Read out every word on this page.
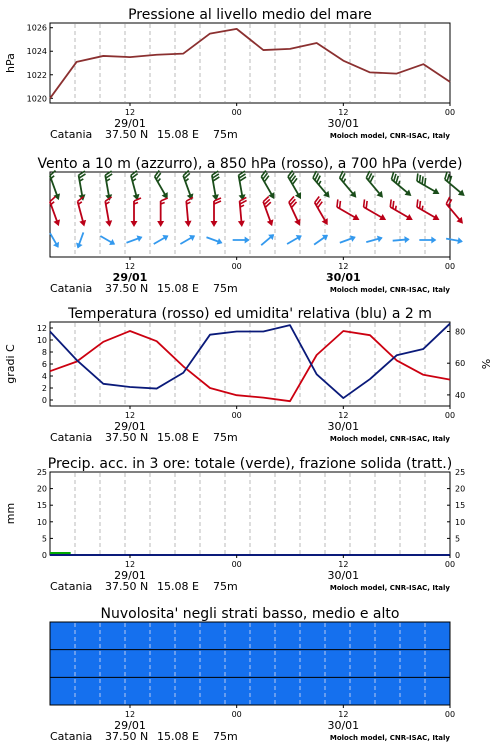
Pressione al livello medio del mare
1020
1022
1024
1026
hPa
12	00	12	00
29/01	30/01
Catania 37.50 N 15.08 E 75m	Moloch model, CNR-ISAC, Italy
Vento a 10 m (azzurro), a 850 hPa (rosso), a 700 hPa (verde)
12	00	12	00
29/01	30/01
Catania 37.50 N 15.08 E 75m	Moloch model, CNR-ISAC, Italy
Temperatura (rosso) ed umidita' relativa (blu) a 2 m
0
2
4
6
8
10
12
40
60
80
gradi C	%
12	00	12	00
29/01	30/01
Catania 37.50 N 15.08 E 75m	Moloch model, CNR-ISAC, Italy
Precip. acc. in 3 ore: totale (verde), frazione solida (tratt.)
0
5
10
15
20
25
0
5
10
15
20
25
mm
12	00	12	00
29/01	30/01
Catania 37.50 N 15.08 E 75m	Moloch model, CNR-ISAC, Italy
Nuvolosita' negli strati basso, medio e alto
12	00	12	00
29/01	30/01
Catania 37.50 N 15.08 E 75m	Moloch model, CNR-ISAC, Italy
